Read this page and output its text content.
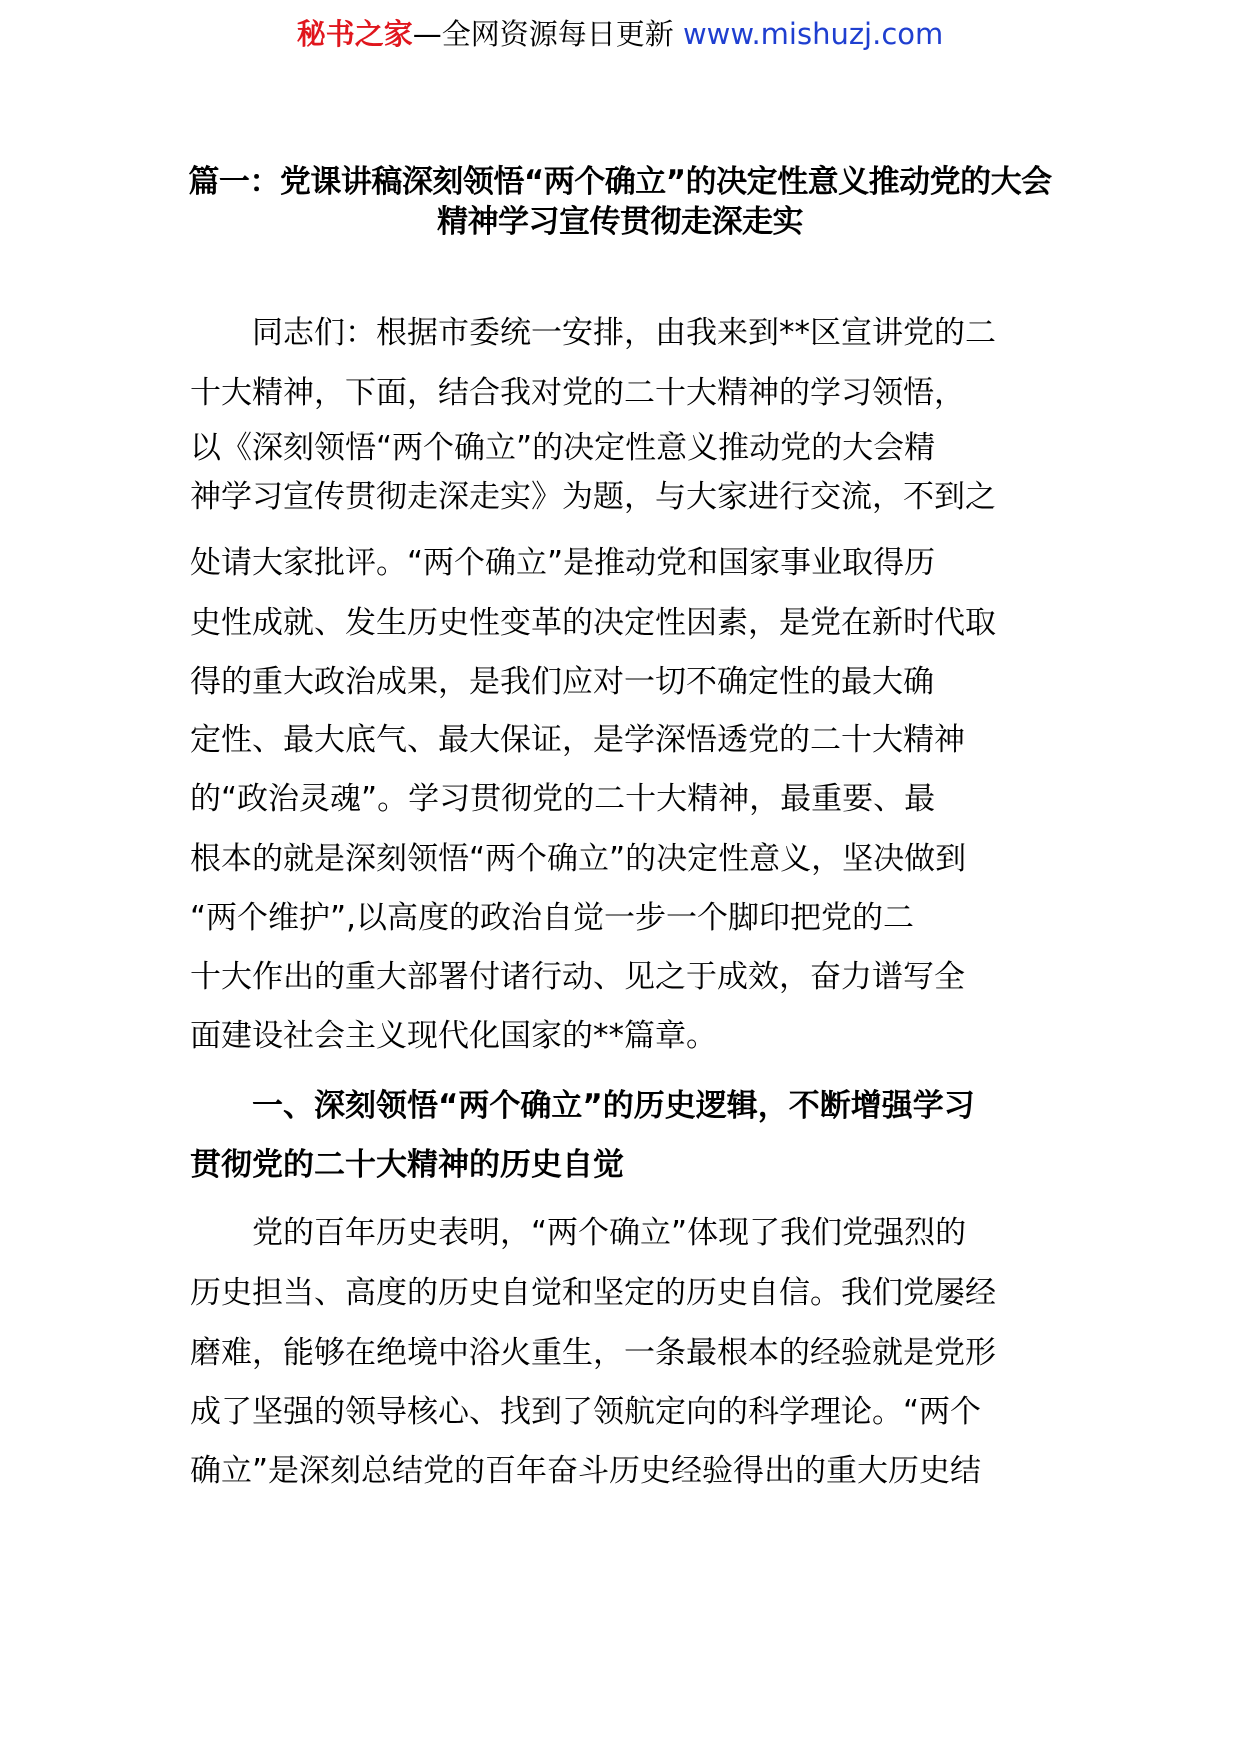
秘书之家—全网资源每日更新 www.mishuzj.com
篇一：党课讲稿深刻领悟“两个确立”的决定性意义推动党的大会
精神学习宣传贯彻走深走实
　　同志们：根据市委统一安排，由我来到**区宣讲党的二
十大精神，下面，结合我对党的二十大精神的学习领悟，
以《深刻领悟“两个确立”的决定性意义推动党的大会精
神学习宣传贯彻走深走实》为题，与大家进行交流，不到之
处请大家批评。“两个确立”是推动党和国家事业取得历
史性成就、发生历史性变革的决定性因素，是党在新时代取
得的重大政治成果，是我们应对一切不确定性的最大确
定性、最大底气、最大保证，是学深悟透党的二十大精神
的“政治灵魂”。学习贯彻党的二十大精神，最重要、最
根本的就是深刻领悟“两个确立”的决定性意义，坚决做到
“两个维护”,以高度的政治自觉一步一个脚印把党的二
十大作出的重大部署付诸行动、见之于成效，奋力谱写全
面建设社会主义现代化国家的**篇章。
　　一、深刻领悟“两个确立”的历史逻辑，不断增强学习
贯彻党的二十大精神的历史自觉
　　党的百年历史表明，“两个确立”体现了我们党强烈的
历史担当、高度的历史自觉和坚定的历史自信。我们党屡经
磨难，能够在绝境中浴火重生，一条最根本的经验就是党形
成了坚强的领导核心、找到了领航定向的科学理论。“两个
确立”是深刻总结党的百年奋斗历史经验得出的重大历史结
